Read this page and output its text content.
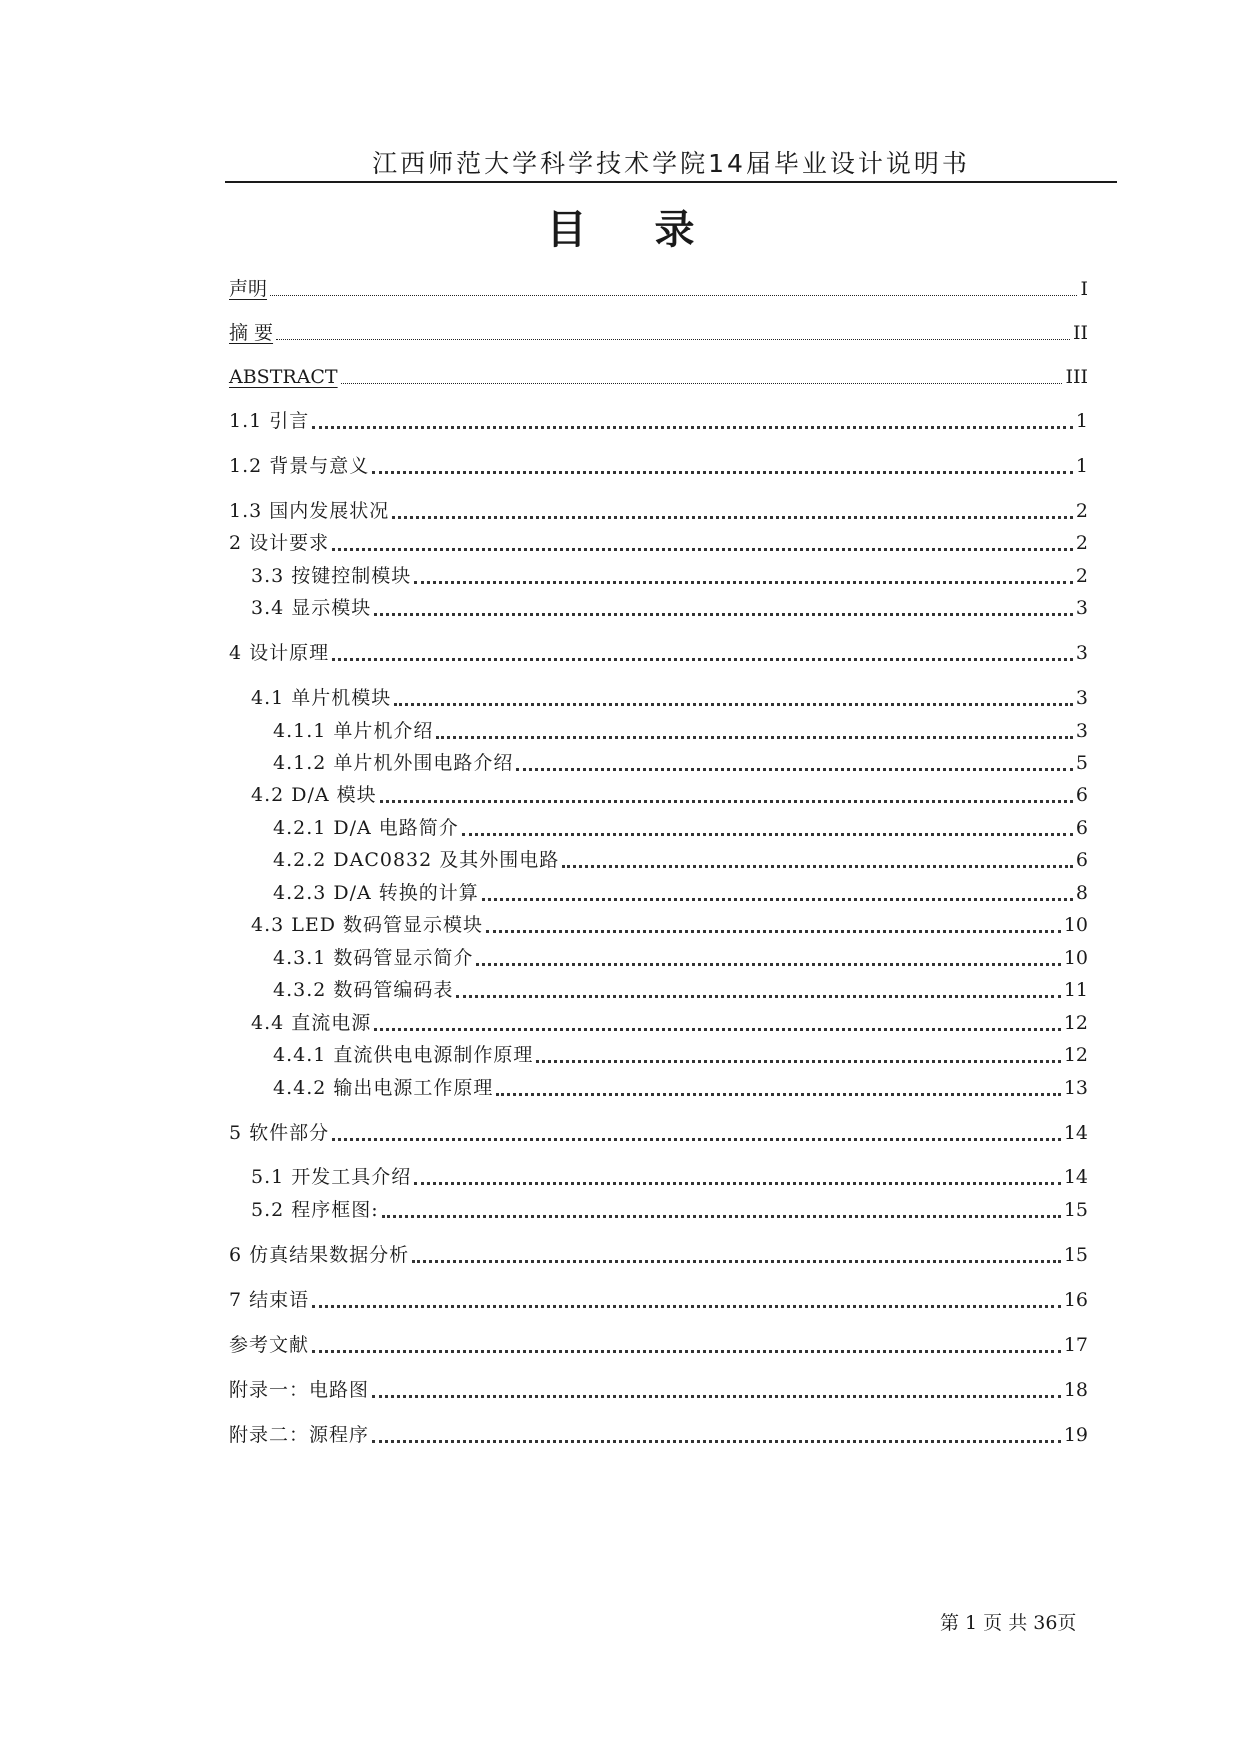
江西师范大学科学技术学院14届毕业设计说明书
目 录
声明	I
摘 要	II
ABSTRACT	III
1.1 引言	1
1.2 背景与意义	1
1.3 国内发展状况	2
2 设计要求	2
3.3 按键控制模块	2
3.4 显示模块	3
4 设计原理	3
4.1 单片机模块	3
4.1.1 单片机介绍	3
4.1.2 单片机外围电路介绍	5
4.2 D/A 模块	6
4.2.1 D/A 电路简介	6
4.2.2 DAC0832 及其外围电路	6
4.2.3 D/A 转换的计算	8
4.3 LED 数码管显示模块	10
4.3.1 数码管显示简介	10
4.3.2 数码管编码表	11
4.4 直流电源	12
4.4.1 直流供电电源制作原理	12
4.4.2 输出电源工作原理	13
5 软件部分	14
5.1 开发工具介绍	14
5.2 程序框图:	15
6 仿真结果数据分析	15
7 结束语	16
参考文献	17
附录一：电路图	18
附录二：源程序	19
第 1 页 共 36页
